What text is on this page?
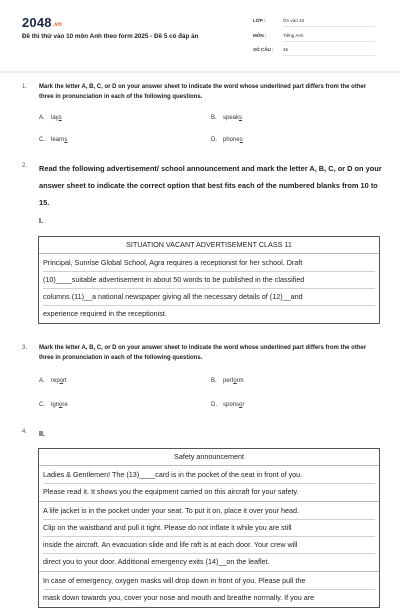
2048.vn
Đề thi thử vào 10 môn Anh theo form 2025 - Đề 5 có đáp án
LỚP :	Ôn vào 10
MÔN :	Tiếng Anh
SỐ CÂU :	46
1. Mark the letter A, B, C, or D on your answer sheet to indicate the word whose underlined part differs from the other three in pronunciation in each of the following questions.
A. lays	B. speaks
C. learns	D. phones
2. Read the following advertisement/ school announcement and mark the letter A, B, C, or D on your answer sheet to indicate the correct option that best fits each of the numbered blanks from 10 to 15.
I.
SITUATION VACANT ADVERTISEMENT CLASS 11
Principal, Sunrise Global School, Agra requires a receptionist for her school. Draft
(10)____suitable advertisement in about 50 words to be published in the classified
columns (11)__a national newspaper giving all the necessary details of (12)__and
experience required in the receptionist.
3. Mark the letter A, B, C, or D on your answer sheet to indicate the word whose underlined part differs from the other three in pronunciation in each of the following questions.
A. report	B. perform
C. ignore	D. sponsor
4. II.
Safety announcement
Ladies & Gentlemen! The (13)____card is in the pocket of the seat in front of you.
Please read it. It shows you the equipment carried on this aircraft for your safety.
A life jacket is in the pocket under your seat. To put it on, place it over your head.
Clip on the waistband and pull it tight. Please do not inflate it while you are still
inside the aircraft. An evacuation slide and life raft is at each door. Your crew will
direct you to your door. Additional emergency exits (14)__on the leaflet.
In case of emergency, oxygen masks will drop down in front of you. Please pull the
mask down towards you, cover your nose and mouth and breathe normally. If you are
